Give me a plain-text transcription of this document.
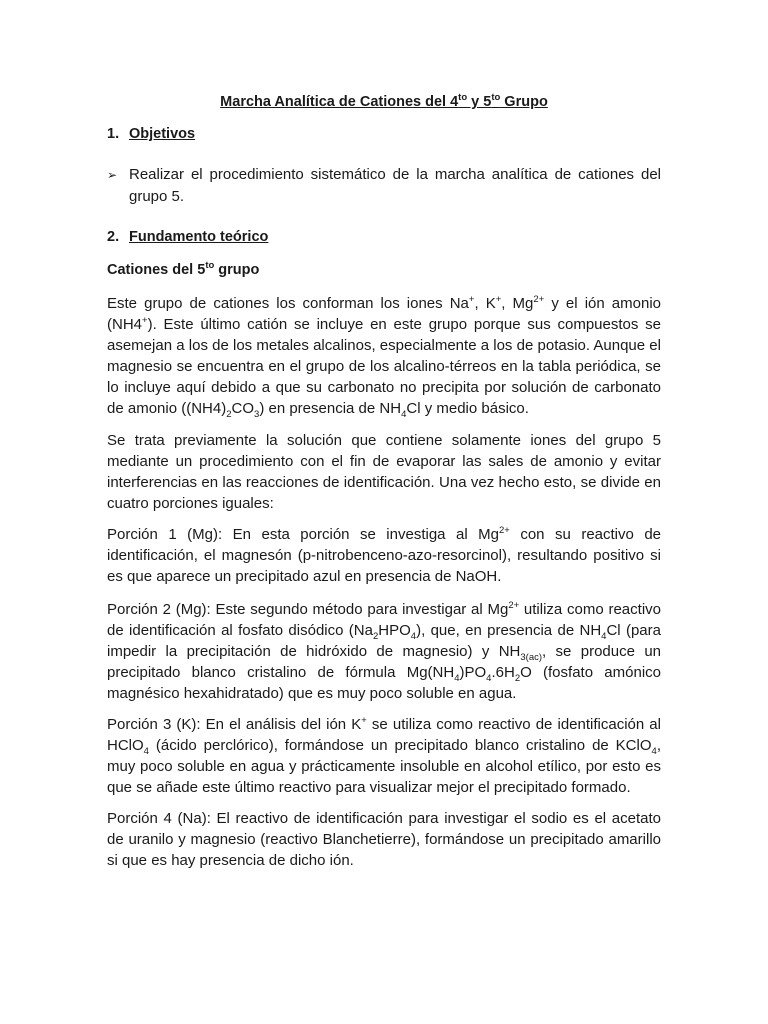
Marcha Analítica de Cationes del $4^{to}$ y $5^{to}$ Grupo

1. Objetivos

➢ Realizar el procedimiento sistemático de la marcha analítica de cationes del grupo 5.

2. Fundamento teórico

Cationes del $5^{to}$ grupo

Este grupo de cationes los conforman los iones Na+, K+, $Mg^{2+}$ y el ión amonio (NH4+). Este último catión se incluye en este grupo porque sus compuestos se asemejan a los de los metales alcalinos, especialmente a los de potasio. Aunque el magnesio se encuentra en el grupo de los alcalino-térreos en la tabla periódica, se lo incluye aquí debido a que su carbonato no precipita por solución de carbonato de amonio $((NH4)_2CO_3)$ en presencia de $NH_4Cl$ y medio básico.

Se trata previamente la solución que contiene solamente iones del grupo 5 mediante un procedimiento con el fin de evaporar las sales de amonio y evitar interferencias en las reacciones de identificación. Una vez hecho esto, se divide en cuatro porciones iguales:

Porción 1 (Mg): En esta porción se investiga al $Mg^{2+}$ con su reactivo de identificación, el magnesón (p-nitrobenceno-azo-resorcinol), resultando positivo si es que aparece un precipitado azul en presencia de NaOH.

Porción 2 (Mg): Este segundo método para investigar al $Mg^{2+}$ utiliza como reactivo de identificación al fosfato disódico $(Na_2HPO_4)$, que, en presencia de $NH_4Cl$ (para impedir la precipitación de hidróxido de magnesio) y $NH_{3(ac)}$, se produce un precipitado blanco cristalino de fórmula $Mg(NH_4)PO_4.6H_2O$ (fosfato amónico magnésico hexahidratado) que es muy poco soluble en agua.

Porción 3 (K): En el análisis del ión K+ se utiliza como reactivo de identificación al HClO$_4$ (ácido perclórico), formándose un precipitado blanco cristalino de KClO$_4$, muy poco soluble en agua y prácticamente insoluble en alcohol etílico, por esto es que se añade este último reactivo para visualizar mejor el precipitado formado.

Porción 4 (Na): El reactivo de identificación para investigar el sodio es el acetato de uranilo y magnesio (reactivo Blanchetierre), formándose un precipitado amarillo si que es hay presencia de dicho ión.
